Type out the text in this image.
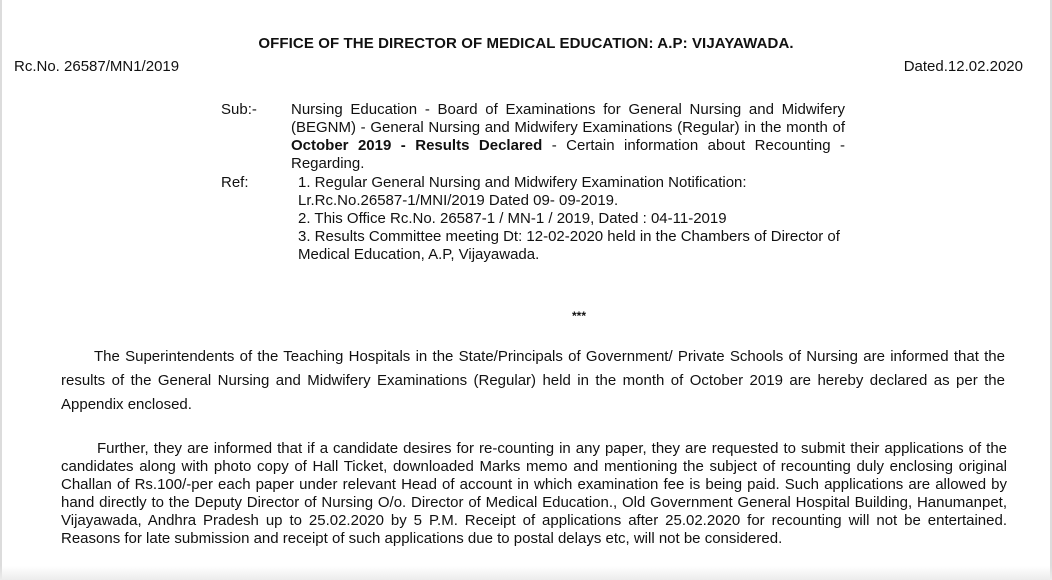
OFFICE OF THE DIRECTOR OF MEDICAL EDUCATION: A.P: VIJAYAWADA.
Rc.No. 26587/MN1/2019	Dated.12.02.2020
Sub:- Nursing Education - Board of Examinations for General Nursing and Midwifery (BEGNM) - General Nursing and Midwifery Examinations (Regular) in the month of October 2019 - Results Declared - Certain information about Recounting - Regarding.
Ref:	1. Regular General Nursing and Midwifery Examination Notification: Lr.Rc.No.26587-1/MNI/2019 Dated 09- 09-2019.
2. This Office Rc.No. 26587-1 / MN-1 / 2019, Dated : 04-11-2019
3. Results Committee meeting Dt: 12-02-2020 held in the Chambers of Director of Medical Education, A.P, Vijayawada.
***
The Superintendents of the Teaching Hospitals in the State/Principals of Government/ Private Schools of Nursing are informed that the results of the General Nursing and Midwifery Examinations (Regular) held in the month of October 2019 are hereby declared as per the Appendix enclosed.
Further, they are informed that if a candidate desires for re-counting in any paper, they are requested to submit their applications of the candidates along with photo copy of Hall Ticket, downloaded Marks memo and mentioning the subject of recounting duly enclosing original Challan of Rs.100/-per each paper under relevant Head of account in which examination fee is being paid. Such applications are allowed by hand directly to the Deputy Director of Nursing O/o. Director of Medical Education., Old Government General Hospital Building, Hanumanpet, Vijayawada, Andhra Pradesh up to 25.02.2020 by 5 P.M. Receipt of applications after 25.02.2020 for recounting will not be entertained. Reasons for late submission and receipt of such applications due to postal delays etc, will not be considered.
